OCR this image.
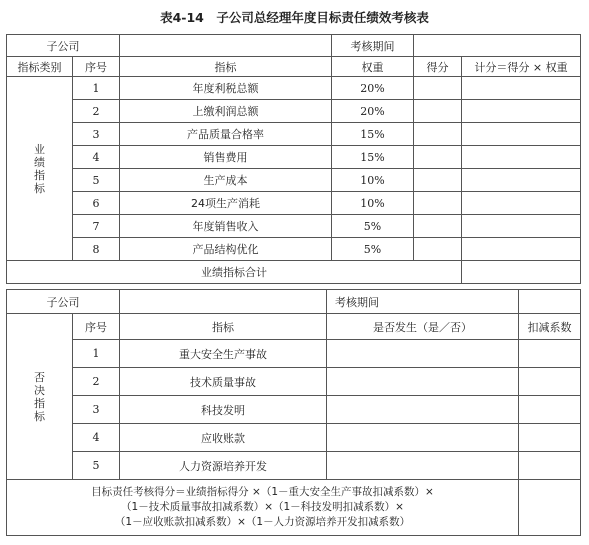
表4-14　子公司总经理年度目标责任绩效考核表
子公司			考核期间		
指标类别	序号	指标	权重	得分	计分＝得分 × 权重
业绩指标	1	年度利税总额	20%		
	2	上缴利润总额	20%		
	3	产品质量合格率	15%		
	4	销售费用	15%		
	5	生产成本	10%		
	6	24项生产消耗	10%		
	7	年度销售收入	5%		
	8	产品结构优化	5%		
业绩指标合计					
子公司			考核期间	
否决指标	序号	指标	是否发生（是／否）	扣减系数
	1	重大安全生产事故		
	2	技术质量事故		
	3	科技发明		
	4	应收账款		
	5	人力资源培养开发		

目标责任考核得分＝业绩指标得分 ×（1－重大安全生产事故扣减系数）×
（1－技术质量事故扣减系数）×（1－科技发明扣减系数）×
（1－应收账款扣减系数）×（1－人力资源培养开发扣减系数）				
